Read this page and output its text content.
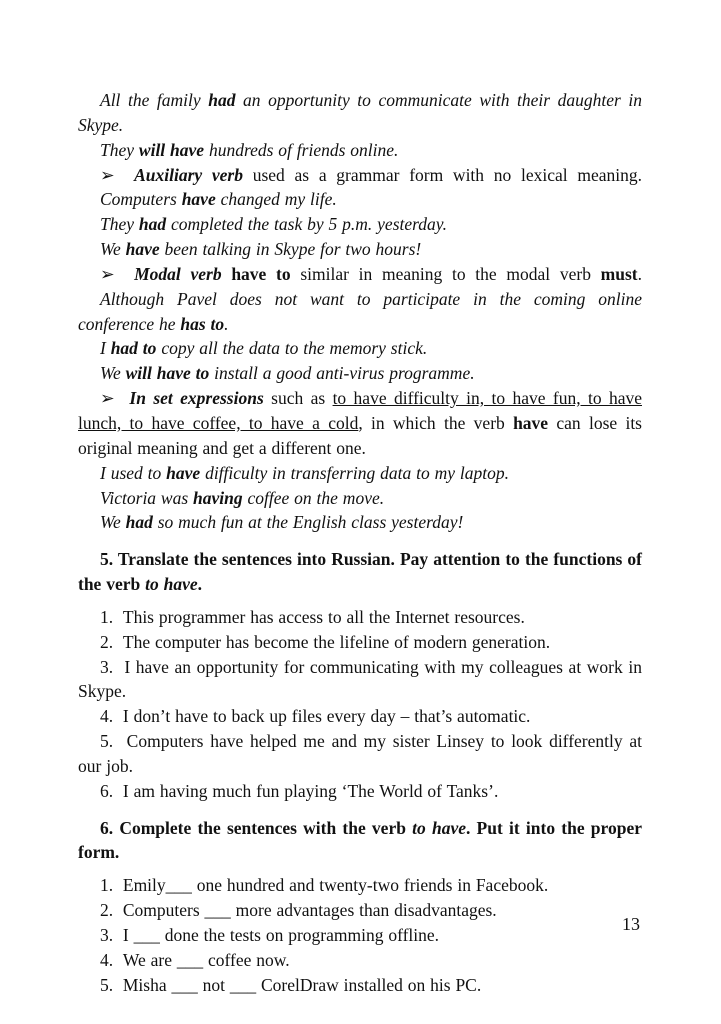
All the family had an opportunity to communicate with their daughter in Skype.

They will have hundreds of friends online.

➢  Auxiliary verb used as a grammar form with no lexical meaning.

Computers have changed my life.

They had completed the task by 5 p.m. yesterday.

We have been talking in Skype for two hours!

➢  Modal verb have to similar in meaning to the modal verb must.

Although Pavel does not want to participate in the coming online conference he has to.

I had to copy all the data to the memory stick.

We will have to install a good anti-virus programme.

➢  In set expressions such as to have difficulty in, to have fun, to have lunch, to have coffee, to have a cold, in which the verb have can lose its original meaning and get a different one.

I used to have difficulty in transferring data to my laptop.

Victoria was having coffee on the move.

We had so much fun at the English class yesterday!

5. Translate the sentences into Russian. Pay attention to the functions of the verb to have.

1.  This programmer has access to all the Internet resources.

2.  The computer has become the lifeline of modern generation.

3.  I have an opportunity for communicating with my colleagues at work in Skype.

4.  I don’t have to back up files every day – that’s automatic.

5.  Computers have helped me and my sister Linsey to look differently at our job.

6.  I am having much fun playing ‘The World of Tanks’.

6. Complete the sentences with the verb to have. Put it into the proper form.

1.  Emily___ one hundred and twenty-two friends in Facebook.

2.  Computers ___ more advantages than disadvantages.

3.  I ___ done the tests on programming offline.

4.  We are ___ coffee now.

5.  Misha ___ not ___ CorelDraw installed on his PC.

13
